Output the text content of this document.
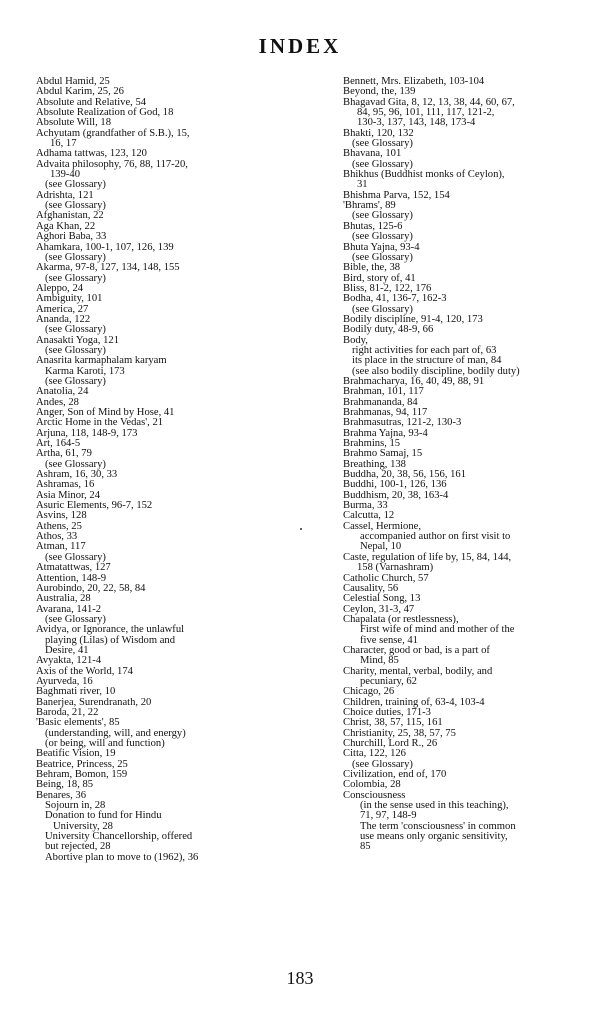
INDEX
Abdul Hamid, 25
Abdul Karim, 25, 26
Absolute and Relative, 54
Absolute Realization of God, 18
Absolute Will, 18
Achyutam (grandfather of S.B.), 15,
16, 17
Adhama tattwas, 123, 120
Advaita philosophy, 76, 88, 117-20,
139-40
(see Glossary)
Adrishta, 121
(see Glossary)
Afghanistan, 22
Aga Khan, 22
Aghori Baba, 33
Ahamkara, 100-1, 107, 126, 139
(see Glossary)
Akarma, 97-8, 127, 134, 148, 155
(see Glossary)
Aleppo, 24
Ambiguity, 101
America, 27
Ananda, 122
(see Glossary)
Anasakti Yoga, 121
(see Glossary)
Anasrita karmaphalam karyam
Karma Karoti, 173
(see Glossary)
Anatolia, 24
Andes, 28
Anger, Son of Mind by Hose, 41
Arctic Home in the Vedas', 21
Arjuna, 118, 148-9, 173
Art, 164-5
Artha, 61, 79
(see Glossary)
Ashram, 16, 30, 33
Ashramas, 16
Asia Minor, 24
Asuric Elements, 96-7, 152
Asvins, 128
Athens, 25
Athos, 33
Atman, 117
(see Glossary)
Atmatattwas, 127
Attention, 148-9
Aurobindo, 20, 22, 58, 84
Australia, 28
Avarana, 141-2
(see Glossary)
Avidya, or Ignorance, the unlawful
playing (Lilas) of Wisdom and
Desire, 41
Avyakta, 121-4
Axis of the World, 174
Ayurveda, 16
Baghmati river, 10
Banerjea, Surendranath, 20
Baroda, 21, 22
'Basic elements', 85
(understanding, will, and energy)
(or being, will and function)
Beatific Vision, 19
Beatrice, Princess, 25
Behram, Bomon, 159
Being, 18, 85
Benares, 36
Sojourn in, 28
Donation to fund for Hindu
University, 28
University Chancellorship, offered
but rejected, 28
Abortive plan to move to (1962), 36
Bennett, Mrs. Elizabeth, 103-104
Beyond, the, 139
Bhagavad Gita, 8, 12, 13, 38, 44, 60, 67,
84, 95, 96, 101, 111, 117, 121-2,
130-3, 137, 143, 148, 173-4
Bhakti, 120, 132
(see Glossary)
Bhavana, 101
(see Glossary)
Bhikhus (Buddhist monks of Ceylon),
31
Bhishma Parva, 152, 154
'Bhrams', 89
(see Glossary)
Bhutas, 125-6
(see Glossary)
Bhuta Yajna, 93-4
(see Glossary)
Bible, the, 38
Bird, story of, 41
Bliss, 81-2, 122, 176
Bodha, 41, 136-7, 162-3
(see Glossary)
Bodily discipline, 91-4, 120, 173
Bodily duty, 48-9, 66
Body,
right activities for each part of, 63
its place in the structure of man, 84
(see also bodily discipline, bodily duty)
Brahmacharya, 16, 40, 49, 88, 91
Brahman, 101, 117
Brahmananda, 84
Brahmanas, 94, 117
Brahmasutras, 121-2, 130-3
Brahma Yajna, 93-4
Brahmins, 15
Brahmo Samaj, 15
Breathing, 138
Buddha, 20, 38, 56, 156, 161
Buddhi, 100-1, 126, 136
Buddhism, 20, 38, 163-4
Burma, 33
Calcutta, 12
Cassel, Hermione,
accompanied author on first visit to
Nepal, 10
Caste, regulation of life by, 15, 84, 144,
158 (Varnashram)
Catholic Church, 57
Causality, 56
Celestial Song, 13
Ceylon, 31-3, 47
Chapalata (or restlessness),
First wife of mind and mother of the
five sense, 41
Character, good or bad, is a part of
Mind, 85
Charity, mental, verbal, bodily, and
pecuniary, 62
Chicago, 26
Children, training of, 63-4, 103-4
Choice duties, 171-3
Christ, 38, 57, 115, 161
Christianity, 25, 38, 57, 75
Churchill, Lord R., 26
Citta, 122, 126
(see Glossary)
Civilization, end of, 170
Colombia, 28
Consciousness
(in the sense used in this teaching),
71, 97, 148-9
The term 'consciousness' in common
use means only organic sensitivity,
85
183
